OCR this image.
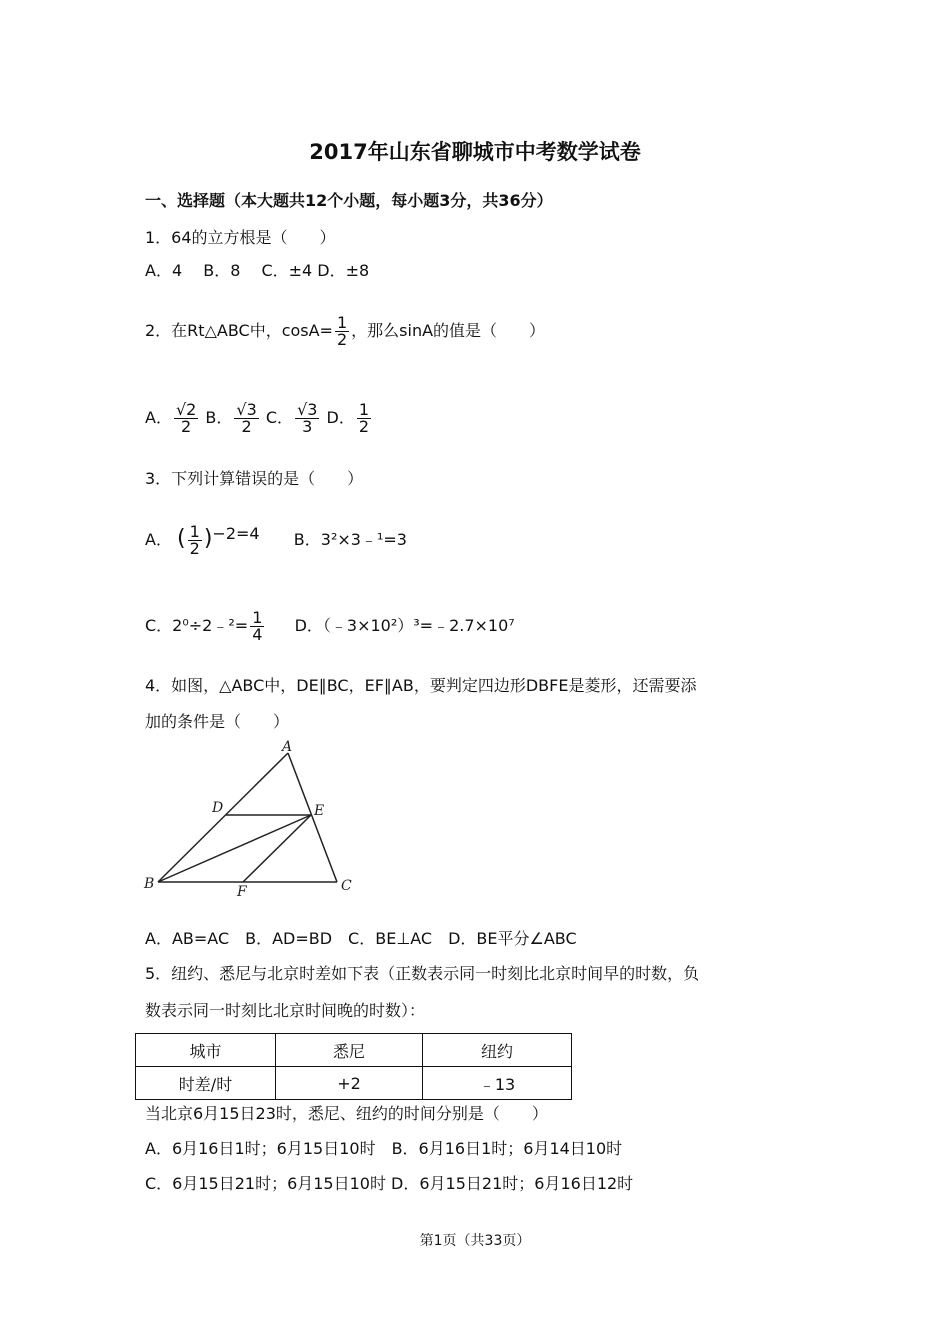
2017年山东省聊城市中考数学试卷
一、选择题（本大题共12个小题，每小题3分，共36分）
1．64的立方根是（　　）
A．4　 B．8　 C．±4 D．±8
2．在Rt△ABC中，$\cos A= \frac{1}{2}$ ，那么sinA的值是（　　）
A． $\frac{√2}{2}$ B． $\frac{√3}{2}$ C． $\frac{√3}{3}$ D． $\frac{1}{2}$
3．下列计算错误的是（　　）
A． ( $\frac{1}{2} )-2=4$ B．3²×3﹣¹=3
C．2⁰÷2﹣²= $\frac{1}{4}$ D．（﹣3×10²）³=﹣2.7×10⁷
4．如图，△ABC中，DE∥BC，EF∥AB，要判定四边形DBFE是菱形，还需要添
加的条件是（　　）
A
D	E
B	F	C
A．AB=AC　B．AD=BD　C．BE⊥AC　D．BE平分∠ABC
5．纽约、悉尼与北京时差如下表（正数表示同一时刻比北京时间早的时数，负
数表示同一时刻比北京时间晚的时数）：
城市	悉尼	纽约
时差/时	+2	﹣13
当北京6月15日23时，悉尼、纽约的时间分别是（　　）
A．6月16日1时；6月15日10时　B．6月16日1时；6月14日10时
C．6月15日21时；6月15日10时 D．6月15日21时；6月16日12时
第1页（共33页）
